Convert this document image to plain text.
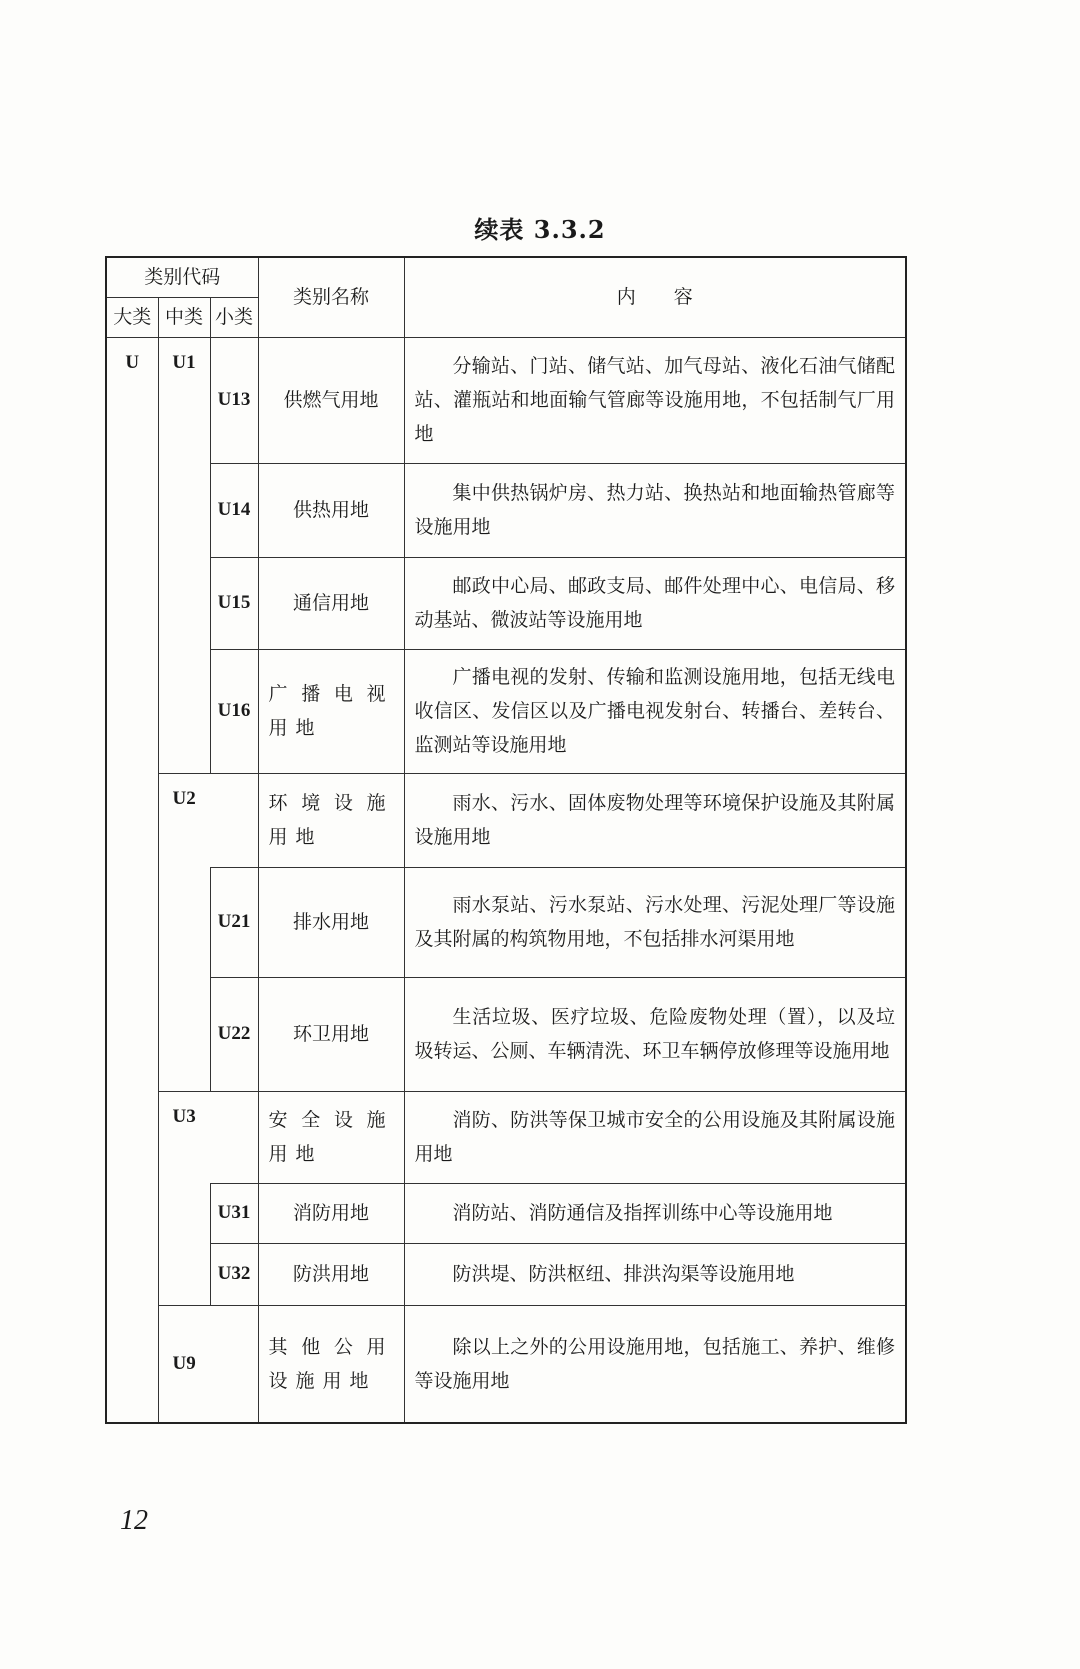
续表 3.3.2
类别代码			类别名称	内　　容
大类	中类	小类		
U	U1	U13	供燃气用地	分输站、门站、储气站、加气母站、液化石油气储配站、灌瓶站和地面输气管廊等设施用地，不包括制气厂用地

		U14	供热用地	集中供热锅炉房、热力站、换热站和地面输热管廊等设施用地

		U15	通信用地	邮政中心局、邮政支局、邮件处理中心、电信局、移动基站、微波站等设施用地

		U16	广播电视用地	广播电视的发射、传输和监测设施用地，包括无线电收信区、发信区以及广播电视发射台、转播台、差转台、监测站等设施用地

	U2		环境设施用地	雨水、污水、固体废物处理等环境保护设施及其附属设施用地

		U21	排水用地	雨水泵站、污水泵站、污水处理、污泥处理厂等设施及其附属的构筑物用地，不包括排水河渠用地

		U22	环卫用地	生活垃圾、医疗垃圾、危险废物处理（置），以及垃圾转运、公厕、车辆清洗、环卫车辆停放修理等设施用地

	U3		安全设施用地	消防、防洪等保卫城市安全的公用设施及其附属设施用地

		U31	消防用地	消防站、消防通信及指挥训练中心等设施用地

		U32	防洪用地	防洪堤、防洪枢纽、排洪沟渠等设施用地

	U9		其他公用设施用地	除以上之外的公用设施用地，包括施工、养护、维修等设施用地
12
